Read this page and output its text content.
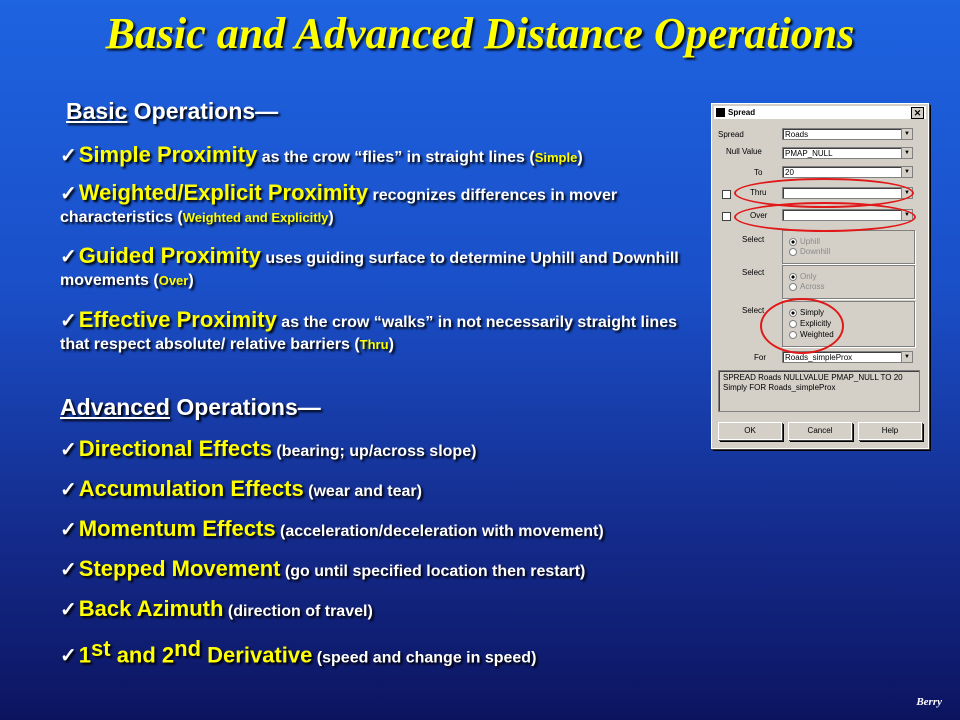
Basic and Advanced Distance Operations
Basic Operations—
✓Simple Proximity as the crow “flies” in straight lines (Simple)
✓Weighted/Explicit Proximity recognizes differences in mover characteristics (Weighted and Explicitly)
✓Guided Proximity uses guiding surface to determine Uphill and Downhill movements (Over)
✓Effective Proximity as the crow “walks” in not necessarily straight lines that respect absolute/ relative barriers (Thru)
Advanced Operations—
✓Directional Effects (bearing; up/across slope)
✓Accumulation Effects (wear and tear)
✓Momentum Effects (acceleration/deceleration with movement)
✓Stepped Movement (go until specified location then restart)
✓Back Azimuth (direction of travel)
✓1st and 2nd Derivative (speed and change in speed)
Spread	✕
Spread	Roads	▼
Null Value	PMAP_NULL	▼
To	20	▼
Thru	▼
Over	▼
Select	Uphill
Downhill
Select	Only
Across
Select	Simply
Explicitly
Weighted
For	Roads_simpleProx	▼
SPREAD Roads NULLVALUE PMAP_NULL TO 20 Simply FOR Roads_simpleProx
OK	Cancel	Help
Berry
